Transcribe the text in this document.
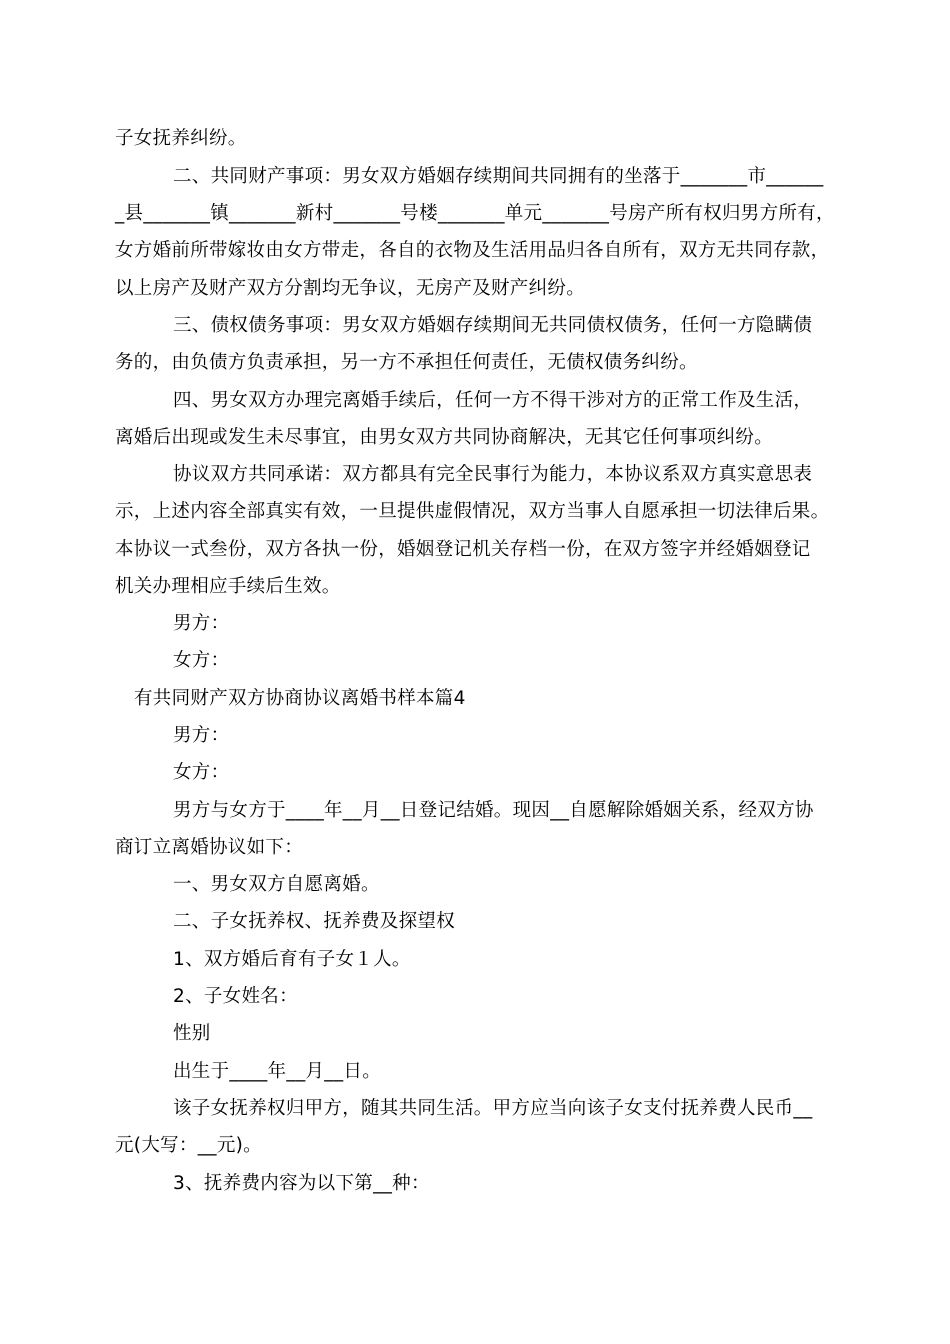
子女抚养纠纷。
二、共同财产事项：男女双方婚姻存续期间共同拥有的坐落于_______市______
_县_______镇_______新村_______号楼_______单元_______号房产所有权归男方所有，
女方婚前所带嫁妆由女方带走，各自的衣物及生活用品归各自所有，双方无共同存款，
以上房产及财产双方分割均无争议，无房产及财产纠纷。
三、债权债务事项：男女双方婚姻存续期间无共同债权债务，任何一方隐瞒债
务的，由负债方负责承担，另一方不承担任何责任，无债权债务纠纷。
四、男女双方办理完离婚手续后，任何一方不得干涉对方的正常工作及生活，
离婚后出现或发生未尽事宜，由男女双方共同协商解决，无其它任何事项纠纷。
协议双方共同承诺：双方都具有完全民事行为能力，本协议系双方真实意思表
示，上述内容全部真实有效，一旦提供虚假情况，双方当事人自愿承担一切法律后果。
本协议一式叁份，双方各执一份，婚姻登记机关存档一份，在双方签字并经婚姻登记
机关办理相应手续后生效。
男方：
女方：
有共同财产双方协商协议离婚书样本篇4
男方：
女方：
男方与女方于____年__月__日登记结婚。现因__自愿解除婚姻关系，经双方协
商订立离婚协议如下：
一、男女双方自愿离婚。
二、子女抚养权、抚养费及探望权
1、双方婚后育有子女１人。
2、子女姓名：
性别
出生于____年__月__日。
该子女抚养权归甲方，随其共同生活。甲方应当向该子女支付抚养费人民币__
元(大写：__元)。
3、抚养费内容为以下第__种：
